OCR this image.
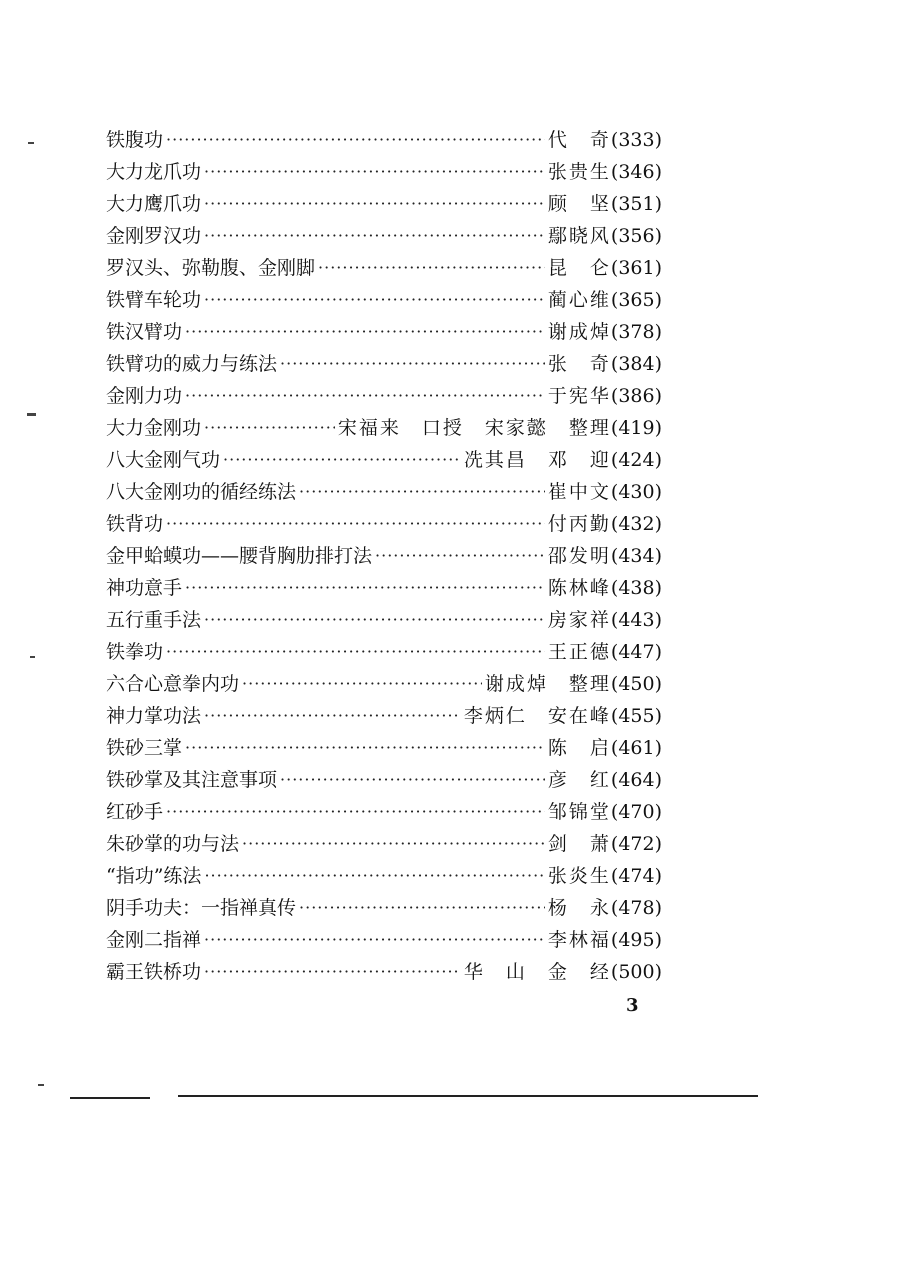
铁腹功 ·····	代　奇 (333)
大力龙爪功 ·····	张贵生 (346)
大力鹰爪功 ·····	顾　坚 (351)
金刚罗汉功 ·····	鄢晓风 (356)
罗汉头、弥勒腹、金刚脚 ·····	昆　仑 (361)
铁臂车轮功 ·····	蔺心维 (365)
铁汉臂功 ·····	谢成焯 (378)
铁臂功的威力与练法 ·····	张　奇 (384)
金刚力功 ·····	于宪华 (386)
大力金刚功 ·····	宋福来　口授　宋家懿　整理 (419)
八大金刚气功 ·····	冼其昌　邓　迎 (424)
八大金刚功的循经练法 ·····	崔中文 (430)
铁背功 ·····	付丙勤 (432)
金甲蛤蟆功——腰背胸肋排打法 ·····	邵发明 (434)
神功意手 ·····	陈林峰 (438)
五行重手法 ·····	房家祥 (443)
铁拳功 ·····	王正德 (447)
六合心意拳内功 ·····	谢成焯　整理 (450)
神力掌功法 ·····	李炳仁　安在峰 (455)
铁砂三掌 ·····	陈　启 (461)
铁砂掌及其注意事项 ·····	彦　红 (464)
红砂手 ·····	邹锦堂 (470)
朱砂掌的功与法 ·····	剑　萧 (472)
“指功”练法 ·····	张炎生 (474)
阴手功夫：一指禅真传 ·····	杨　永 (478)
金刚二指禅 ·····	李林福 (495)
霸王铁桥功 ·····	华　山　金　经 (500)
3
